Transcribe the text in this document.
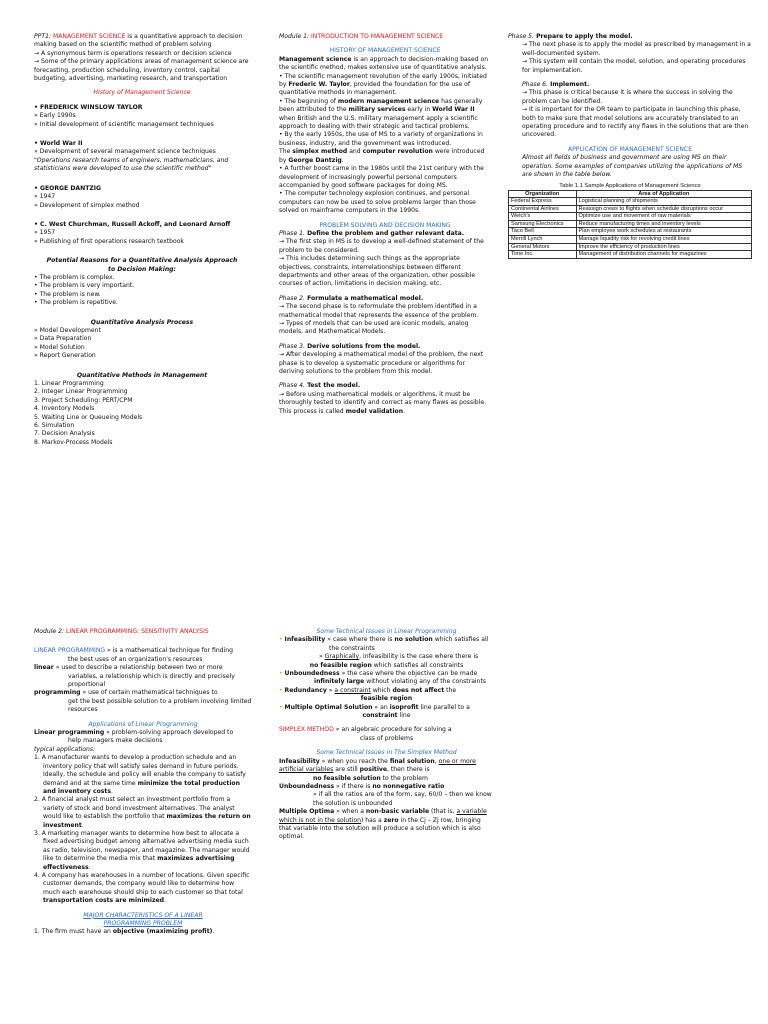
PPT1: MANAGEMENT SCIENCE is a quantitative approach to decision making based on the scientific method of problem solving

→ A synonymous term is operations research or decision science

→ Some of the primary applications areas of management science are forecasting, production scheduling, inventory control, capital budgeting, advertising, marketing research, and transportation

History of Management Science

• FREDERICK WINSLOW TAYLOR

» Early 1990s

» Initial development of scientific management techniques

• World War II

» Development of several management science techniques

"Operations research teams of engineers, mathematicians, and statisticians were developed to use the scientific method"

• GEORGE DANTZIG

» 1947

» Development of simplex method

• C. West Churchman, Russell Ackoff, and Leonard Arnoff

» 1957

» Publishing of first operations research textbook

Potential Reasons for a Quantitative Analysis Approach to Decision Making:

• The problem is complex.

• The problem is very important.

• The problem is new.

• The problem is repetitive.

Quantitative Analysis Process

» Model Development

» Data Preparation

» Model Solution

» Report Generation

Quantitative Methods in Management

1. Linear Programming

2. Integer Linear Programming

3. Project Scheduling: PERT/CPM

4. Inventory Models

5. Waiting Line or Queueing Models

6. Simulation

7. Decision Analysis

8. Markov-Process Models

Module 1: INTRODUCTION TO MANAGEMENT SCIENCE

HISTORY OF MANAGEMENT SCIENCE

Management science is an approach to decision-making based on the scientific method, makes extensive use of quantitative analysis.

• The scientific management revolution of the early 1900s, initiated by Frederic W. Taylor, provided the foundation for the use of quantitative methods in management.

• The beginning of modern management science has generally been attributed to the military services early in World War II when British and the U.S. military management apply a scientific approach to dealing with their strategic and tactical problems.

• By the early 1950s, the use of MS to a variety of organizations in business, industry, and the government was introduced.

The simplex method and computer revolution were introduced by George Dantzig.

• A further boost came in the 1980s until the 21st century with the development of increasingly powerful personal computers accompanied by good software packages for doing MS.

• The computer technology explosion continues, and personal computers can now be used to solve problems larger than those solved on mainframe computers in the 1990s.

PROBLEM SOLVING AND DECISION MAKING

Phase 1. Define the problem and gather relevant data.

→ The first step in MS is to develop a well-defined statement of the problem to be considered.

→ This includes determining such things as the appropriate objectives, constraints, interrelationships between different departments and other areas of the organization, other possible courses of action, limitations in decision making, etc.

Phase 2. Formulate a mathematical model.

→ The second phase is to reformulate the problem identified in a mathematical model that represents the essence of the problem.

→ Types of models that can be used are iconic models, analog models, and Mathematical Models.

Phase 3. Derive solutions from the model.

→ After developing a mathematical model of the problem, the next phase is to develop a systematic procedure or algorithms for deriving solutions to the problem from this model.

Phase 4. Test the model.

→ Before using mathematical models or algorithms, it must be thoroughly tested to identify and correct as many flaws as possible. This process is called model validation.

Phase 5. Prepare to apply the model.

→ The next phase is to apply the model as prescribed by management in a well-documented system.

→ This system will contain the model, solution, and operating procedures for implementation.

Phase 6. Implement.

→ This phase is critical because it is where the success in solving the problem can be identified.

→ It is important for the OR team to participate in launching this phase, both to make sure that model solutions are accurately translated to an operating procedure and to rectify any flaws in the solutions that are then uncovered.

APPLICATION OF MANAGEMENT SCIENCE

Almost all fields of business and government are using MS on their operation. Some examples of companies utilizing the applications of MS are shown in the table below.

Table 1.1 Sample Applications of Management Science

Organization	Area of Application
Federal Express	Logistical planning of shipments
Continental Airlines	Reassign crews to flights when schedule disruptions occur
Welch's	Optimize use and movement of raw materials
Samsung Electronics	Reduce manufacturing times and inventory levels
Taco Bell	Plan employee work schedules at restaurants
Merrill Lynch	Manage liquidity risk for revolving credit lines
General Motors	Improve the efficiency of production lines
Time Inc.	Management of distribution channels for magazines

Module 2: LINEAR PROGRAMMING: SENSITIVITY ANALYSIS

LINEAR PROGRAMMING » is a mathematical technique for finding

the best uses of an organization's resources

linear » used to describe a relationship between two or more

variables, a relationship which is directly and precisely proportional

programming » use of certain mathematical techniques to

get the best possible solution to a problem involving limited resources

Applications of Linear Programming

Linear programming » problem-solving approach developed to

help managers make decisions

typical applications:

1. A manufacturer wants to develop a production schedule and an inventory policy that will satisfy sales demand in future periods. Ideally, the schedule and policy will enable the company to satisfy demand and at the same time minimize the total production and inventory costs.

2. A financial analyst must select an investment portfolio from a variety of stock and bond investment alternatives. The analyst would like to establish the portfolio that maximizes the return on investment.

3. A marketing manager wants to determine how best to allocate a fixed advertising budget among alternative advertising media such as radio, television, newspaper, and magazine. The manager would like to determine the media mix that maximizes advertising effectiveness.

4. A company has warehouses in a number of locations. Given specific customer demands, the company would like to determine how much each warehouse should ship to each customer so that total transportation costs are minimized.

MAJOR CHARACTERISTICS OF A LINEAR PROGRAMMING PROBLEM

1. The firm must have an objective (maximizing profit).

Some Technical Issues in Linear Programming

• Infeasibility » case where there is no solution which satisfies all

the constraints

» Graphically, infeasibility is the case where there is

no feasible region which satisfies all constraints

• Unboundedness » the case where the objective can be made

infinitely large without violating any of the constraints

• Redundancy » a constraint which does not affect the

feasible region

• Multiple Optimal Solution » an isoprofit line parallel to a

constraint line

SIMPLEX METHOD » an algebraic procedure for solving a

class of problems

Some Technical Issues in The Simplex Method

Infeasibility » when you reach the final solution, one or more artificial variables are still positive, then there is

no feasible solution to the problem

Unboundedness » if there is no nonnegative ratio

» if all the ratios are of the form, say, 60/0 – then we know the solution is unbounded

Multiple Optima » when a non-basic variable (that is, a variable which is not in the solution) has a zero in the Cj – Zj row, bringing that variable into the solution will produce a solution which is also optimal.
